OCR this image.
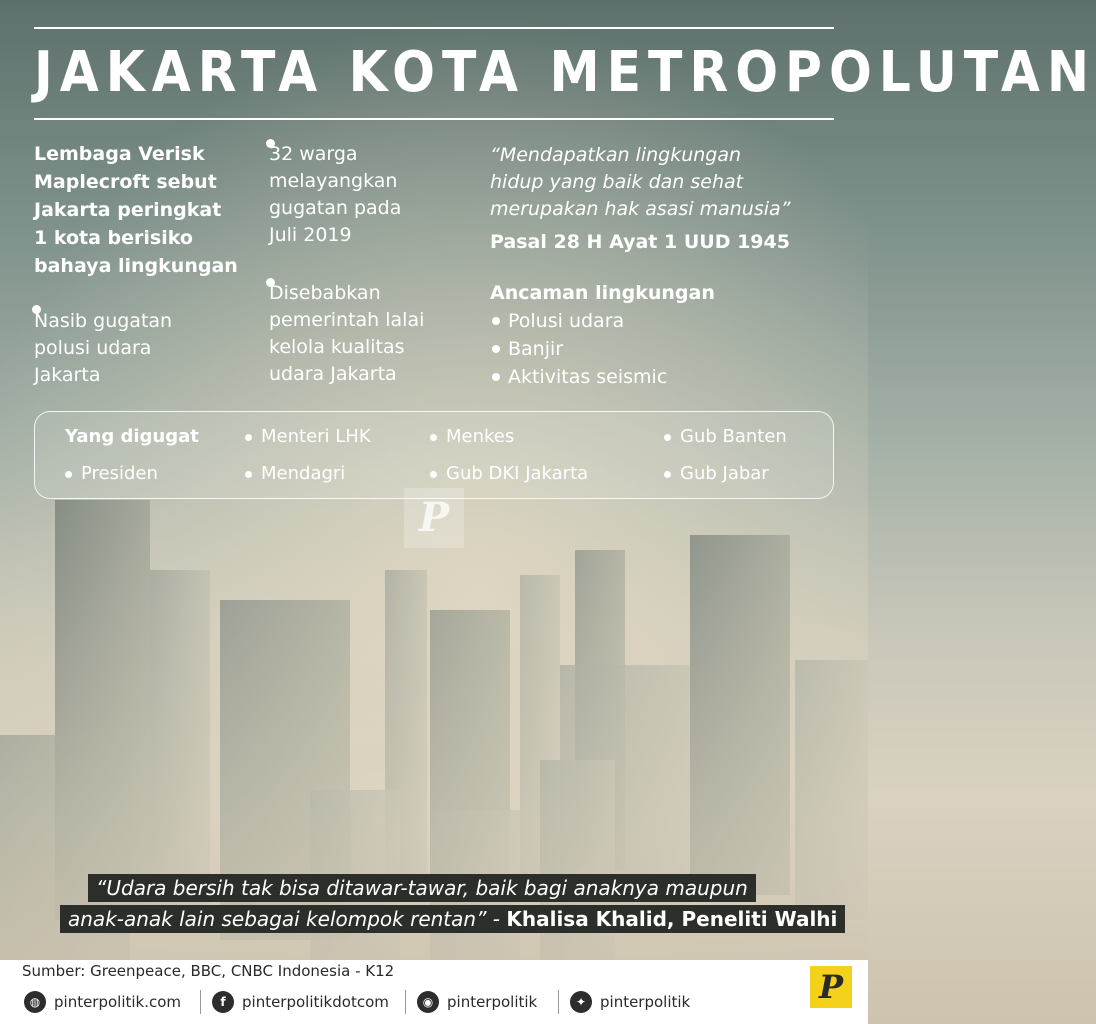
JAKARTA KOTA METROPOLUTAN
Lembaga Verisk
Maplecroft sebut
Jakarta peringkat
1 kota berisiko
bahaya lingkungan
Nasib gugatan
polusi udara
Jakarta
32 warga
melayangkan
gugatan pada
Juli 2019
Disebabkan
pemerintah lalai
kelola kualitas
udara Jakarta
“Mendapatkan lingkungan
hidup yang baik dan sehat
merupakan hak asasi manusia”
Pasal 28 H Ayat 1 UUD 1945
Ancaman lingkungan
Polusi udara
Banjir
Aktivitas seismic
Yang digugat	Menteri LHK	Menkes	Gub Banten
Presiden	Mendagri	Gub DKI Jakarta	Gub Jabar
P
“Udara bersih tak bisa ditawar-tawar, baik bagi anaknya maupun
anak-anak lain sebagai kelompok rentan” - Khalisa Khalid, Peneliti Walhi
Sumber: Greenpeace, BBC, CNBC Indonesia - K12
◍ pinterpolitik.com	f	pinterpolitikdotcom	◉ pinterpolitik	✦ pinterpolitik	P
